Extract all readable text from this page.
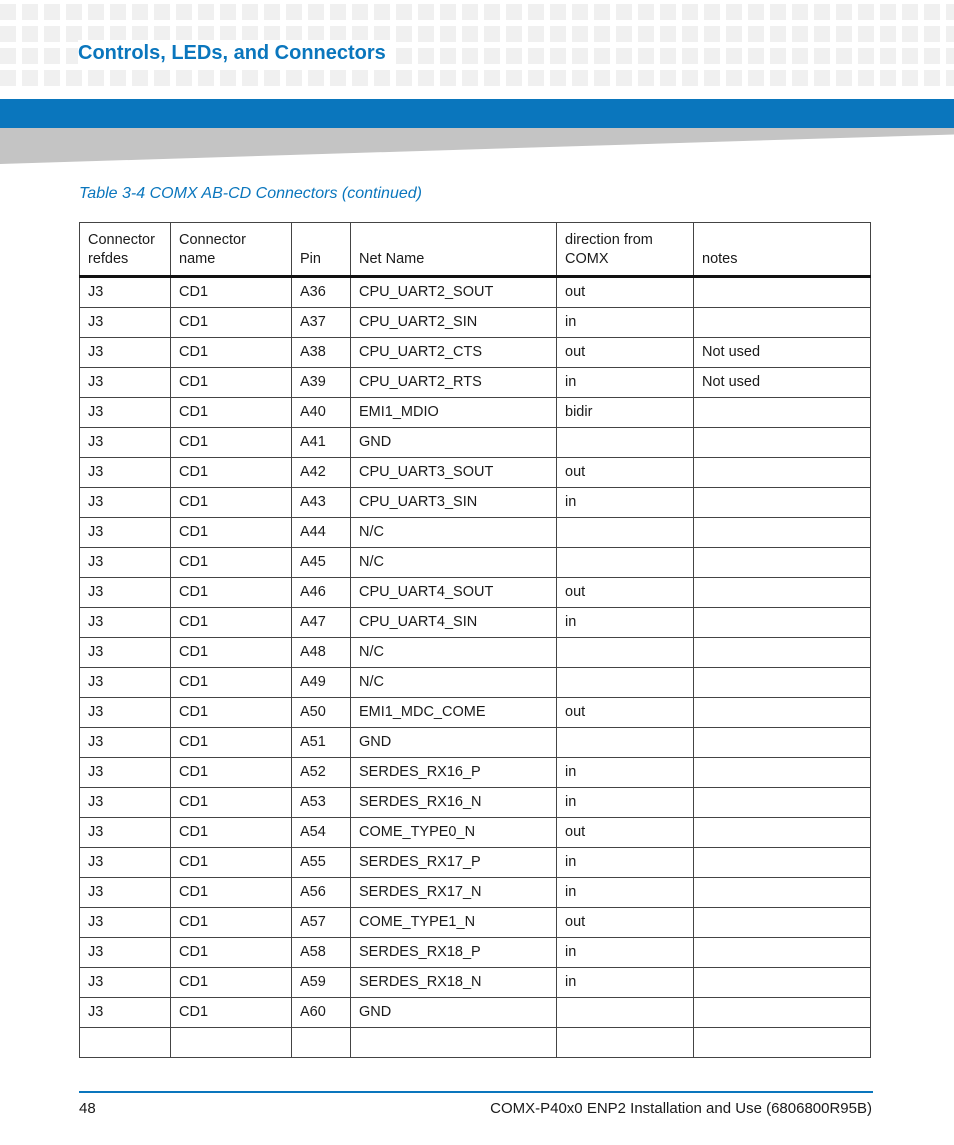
Controls, LEDs, and Connectors
Table 3-4 COMX AB-CD Connectors (continued)
Connector refdes	Connector name	Pin	Net Name	direction from COMX	notes
J3	CD1	A36	CPU_UART2_SOUT	out	
J3	CD1	A37	CPU_UART2_SIN	in	
J3	CD1	A38	CPU_UART2_CTS	out	Not used
J3	CD1	A39	CPU_UART2_RTS	in	Not used
J3	CD1	A40	EMI1_MDIO	bidir	
J3	CD1	A41	GND		
J3	CD1	A42	CPU_UART3_SOUT	out	
J3	CD1	A43	CPU_UART3_SIN	in	
J3	CD1	A44	N/C		
J3	CD1	A45	N/C		
J3	CD1	A46	CPU_UART4_SOUT	out	
J3	CD1	A47	CPU_UART4_SIN	in	
J3	CD1	A48	N/C		
J3	CD1	A49	N/C		
J3	CD1	A50	EMI1_MDC_COME	out	
J3	CD1	A51	GND		
J3	CD1	A52	SERDES_RX16_P	in	
J3	CD1	A53	SERDES_RX16_N	in	
J3	CD1	A54	COME_TYPE0_N	out	
J3	CD1	A55	SERDES_RX17_P	in	
J3	CD1	A56	SERDES_RX17_N	in	
J3	CD1	A57	COME_TYPE1_N	out	
J3	CD1	A58	SERDES_RX18_P	in	
J3	CD1	A59	SERDES_RX18_N	in	
J3	CD1	A60	GND		

48	COMX-P40x0 ENP2 Installation and Use (6806800R95B)
